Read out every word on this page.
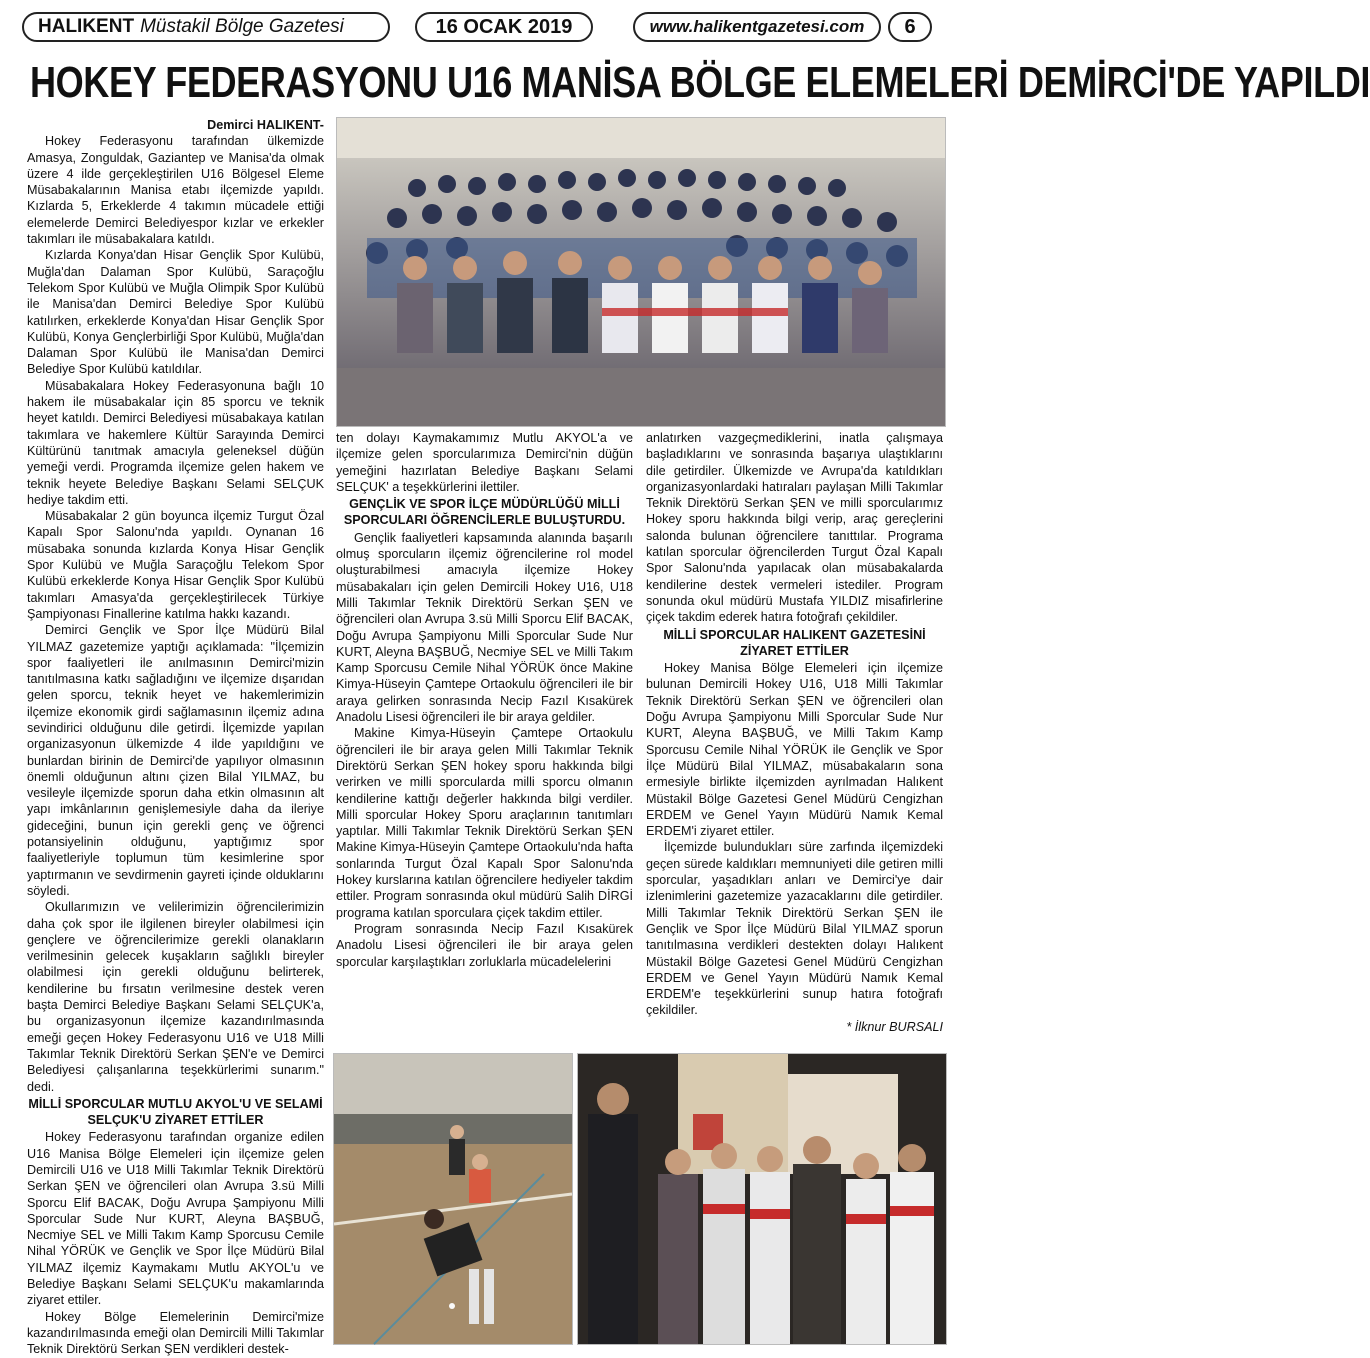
HALIKENT Müstakil Bölge Gazetesi	16 OCAK 2019	www.halikentgazetesi.com	6
HOKEY FEDERASYONU U16 MANİSA BÖLGE ELEMELERİ DEMİRCİ'DE YAPILDI

Demirci HALIKENT-

Hokey Federasyonu tarafından ülkemizde Amasya, Zonguldak, Gaziantep ve Manisa'da olmak üzere 4 ilde gerçekleştirilen U16 Bölgesel Eleme Müsabakalarının Manisa etabı ilçemizde yapıldı. Kızlarda 5, Erkeklerde 4 takımın mücadele ettiği elemelerde Demirci Belediyespor kızlar ve erkekler takımları ile müsabakalara katıldı.

Kızlarda Konya'dan Hisar Gençlik Spor Kulübü, Muğla'dan Dalaman Spor Kulübü, Saraçoğlu Telekom Spor Kulübü ve Muğla Olimpik Spor Kulübü ile Manisa'dan Demirci Belediye Spor Kulübü katılırken, erkeklerde Konya'dan Hisar Gençlik Spor Kulübü, Konya Gençlerbirliği Spor Kulübü, Muğla'dan Dalaman Spor Kulübü ile Manisa'dan Demirci Belediye Spor Kulübü katıldılar.

Müsabakalara Hokey Federasyonuna bağlı 10 hakem ile müsabakalar için 85 sporcu ve teknik heyet katıldı. Demirci Belediyesi müsabakaya katılan takımlara ve hakemlere Kültür Sarayında Demirci Kültürünü tanıtmak amacıyla geleneksel düğün yemeği verdi. Programda ilçemize gelen hakem ve teknik heyete Belediye Başkanı Selami SELÇUK hediye takdim etti.

Müsabakalar 2 gün boyunca ilçemiz Turgut Özal Kapalı Spor Salonu'nda yapıldı. Oynanan 16 müsabaka sonunda kızlarda Konya Hisar Gençlik Spor Kulübü ve Muğla Saraçoğlu Telekom Spor Kulübü erkeklerde Konya Hisar Gençlik Spor Kulübü takımları Amasya'da gerçekleştirilecek Türkiye Şampiyonası Finallerine katılma hakkı kazandı.

Demirci Gençlik ve Spor İlçe Müdürü Bilal YILMAZ gazetemize yaptığı açıklamada: "İlçemizin spor faaliyetleri ile anılmasının Demirci'mizin tanıtılmasına katkı sağladığını ve ilçemize dışarıdan gelen sporcu, teknik heyet ve hakemlerimizin ilçemize ekonomik girdi sağlamasının ilçemiz adına sevindirici olduğunu dile getirdi. İlçemizde yapılan organizasyonun ülkemizde 4 ilde yapıldığını ve bunlardan birinin de Demirci'de yapılıyor olmasının önemli olduğunun altını çizen Bilal YILMAZ, bu vesileyle ilçemizde sporun daha etkin olmasının alt yapı imkânlarının genişlemesiyle daha da ileriye gideceğini, bunun için gerekli genç ve öğrenci potansiyelinin olduğunu, yaptığımız spor faaliyetleriyle toplumun tüm kesimlerine spor yaptırmanın ve sevdirmenin gayreti içinde olduklarını söyledi.

Okullarımızın ve velilerimizin öğrencilerimizin daha çok spor ile ilgilenen bireyler olabilmesi için gençlere ve öğrencilerimize gerekli olanakların verilmesinin gelecek kuşakların sağlıklı bireyler olabilmesi için gerekli olduğunu belirterek, kendilerine bu fırsatın verilmesine destek veren başta Demirci Belediye Başkanı Selami SELÇUK'a, bu organizasyonun ilçemize kazandırılmasında emeği geçen Hokey Federasyonu U16 ve U18 Milli Takımlar Teknik Direktörü Serkan ŞEN'e ve Demirci Belediyesi çalışanlarına teşekkürlerimi sunarım." dedi.

MİLLİ SPORCULAR MUTLU AKYOL'U VE SELAMİ SELÇUK'U ZİYARET ETTİLER

Hokey Federasyonu tarafından organize edilen U16 Manisa Bölge Elemeleri için ilçemize gelen Demircili U16 ve U18 Milli Takımlar Teknik Direktörü Serkan ŞEN ve öğrencileri olan Avrupa 3.sü Milli Sporcu Elif BACAK, Doğu Avrupa Şampiyonu Milli Sporcular Sude Nur KURT, Aleyna BAŞBUĞ, Necmiye SEL ve Milli Takım Kamp Sporcusu Cemile Nihal YÖRÜK ve Gençlik ve Spor İlçe Müdürü Bilal YILMAZ ilçemiz Kaymakamı Mutlu AKYOL'u ve Belediye Başkanı Selami SELÇUK'u makamlarında ziyaret ettiler.

Hokey Bölge Elemelerinin Demirci'mize kazandırılmasında emeği olan Demircili Milli Takımlar Teknik Direktörü Serkan ŞEN verdikleri destek-

ten dolayı Kaymakamımız Mutlu AKYOL'a ve ilçemize gelen sporcularımıza Demirci'nin düğün yemeğini hazırlatan Belediye Başkanı Selami SELÇUK' a teşekkürlerini ilettiler.

GENÇLİK VE SPOR İLÇE MÜDÜRLÜĞÜ MİLLİ SPORCULARI ÖĞRENCİLERLE BULUŞTURDU.

Gençlik faaliyetleri kapsamında alanında başarılı olmuş sporcuların ilçemiz öğrencilerine rol model oluşturabilmesi amacıyla ilçemize Hokey müsabakaları için gelen Demircili Hokey U16, U18 Milli Takımlar Teknik Direktörü Serkan ŞEN ve öğrencileri olan Avrupa 3.sü Milli Sporcu Elif BACAK, Doğu Avrupa Şampiyonu Milli Sporcular Sude Nur KURT, Aleyna BAŞBUĞ, Necmiye SEL ve Milli Takım Kamp Sporcusu Cemile Nihal YÖRÜK önce Makine Kimya-Hüseyin Çamtepe Ortaokulu öğrencileri ile bir araya gelirken sonrasında Necip Fazıl Kısakürek Anadolu Lisesi öğrencileri ile bir araya geldiler.

Makine Kimya-Hüseyin Çamtepe Ortaokulu öğrencileri ile bir araya gelen Milli Takımlar Teknik Direktörü Serkan ŞEN hokey sporu hakkında bilgi verirken ve milli sporcularda milli sporcu olmanın kendilerine kattığı değerler hakkında bilgi verdiler. Milli sporcular Hokey Sporu araçlarının tanıtımları yaptılar. Milli Takımlar Teknik Direktörü Serkan ŞEN Makine Kimya-Hüseyin Çamtepe Ortaokulu'nda hafta sonlarında Turgut Özal Kapalı Spor Salonu'nda Hokey kurslarına katılan öğrencilere hediyeler takdim ettiler. Program sonrasında okul müdürü Salih DİRGİ programa katılan sporculara çiçek takdim ettiler.

Program sonrasında Necip Fazıl Kısakürek Anadolu Lisesi öğrencileri ile bir araya gelen sporcular karşılaştıkları zorluklarla mücadelelerini

anlatırken vazgeçmediklerini, inatla çalışmaya başladıklarını ve sonrasında başarıya ulaştıklarını dile getirdiler. Ülkemizde ve Avrupa'da katıldıkları organizasyonlardaki hatıraları paylaşan Milli Takımlar Teknik Direktörü Serkan ŞEN ve milli sporcularımız Hokey sporu hakkında bilgi verip, araç gereçlerini salonda bulunan öğrencilere tanıttılar. Programa katılan sporcular öğrencilerden Turgut Özal Kapalı Spor Salonu'nda yapılacak olan müsabakalarda kendilerine destek vermeleri istediler. Program sonunda okul müdürü Mustafa YILDIZ misafirlerine çiçek takdim ederek hatıra fotoğrafı çekildiler.

MİLLİ SPORCULAR HALIKENT GAZETESİNİ ZİYARET ETTİLER

Hokey Manisa Bölge Elemeleri için ilçemize bulunan Demircili Hokey U16, U18 Milli Takımlar Teknik Direktörü Serkan ŞEN ve öğrencileri olan Doğu Avrupa Şampiyonu Milli Sporcular Sude Nur KURT, Aleyna BAŞBUĞ, ve Milli Takım Kamp Sporcusu Cemile Nihal YÖRÜK ile Gençlik ve Spor İlçe Müdürü Bilal YILMAZ, müsabakaların sona ermesiyle birlikte ilçemizden ayrılmadan Halıkent Müstakil Bölge Gazetesi Genel Müdürü Cengizhan ERDEM ve Genel Yayın Müdürü Namık Kemal ERDEM'i ziyaret ettiler.

İlçemizde bulundukları süre zarfında ilçemizdeki geçen sürede kaldıkları memnuniyeti dile getiren milli sporcular, yaşadıkları anları ve Demirci'ye dair izlenimlerini gazetemize yazacaklarını dile getirdiler. Milli Takımlar Teknik Direktörü Serkan ŞEN ile Gençlik ve Spor İlçe Müdürü Bilal YILMAZ sporun tanıtılmasına verdikleri destekten dolayı Halıkent Müstakil Bölge Gazetesi Genel Müdürü Cengizhan ERDEM ve Genel Yayın Müdürü Namık Kemal ERDEM'e teşekkürlerini sunup hatıra fotoğrafı çekildiler.

* İlknur BURSALI
